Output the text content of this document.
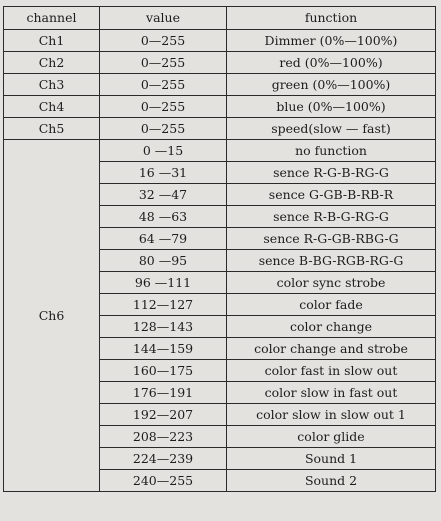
channel	value	function
Ch1	0—255	Dimmer (0%—100%)
Ch2	0—255	red (0%—100%)
Ch3	0—255	green (0%—100%)
Ch4	0—255	blue (0%—100%)
Ch5	0—255	speed(slow — fast)
Ch6	0 —15	no function
	16 —31	sence R-G-B-RG-G
	32 —47	sence G-GB-B-RB-R
	48 —63	sence R-B-G-RG-G
	64 —79	sence R-G-GB-RBG-G
	80 —95	sence B-BG-RGB-RG-G
	96 —111	color sync strobe
	112—127	color fade
	128—143	color change
	144—159	color change and strobe
	160—175	color fast in slow out
	176—191	color slow in fast out
	192—207	color slow in slow out 1
	208—223	color glide
	224—239	Sound 1
	240—255	Sound 2
